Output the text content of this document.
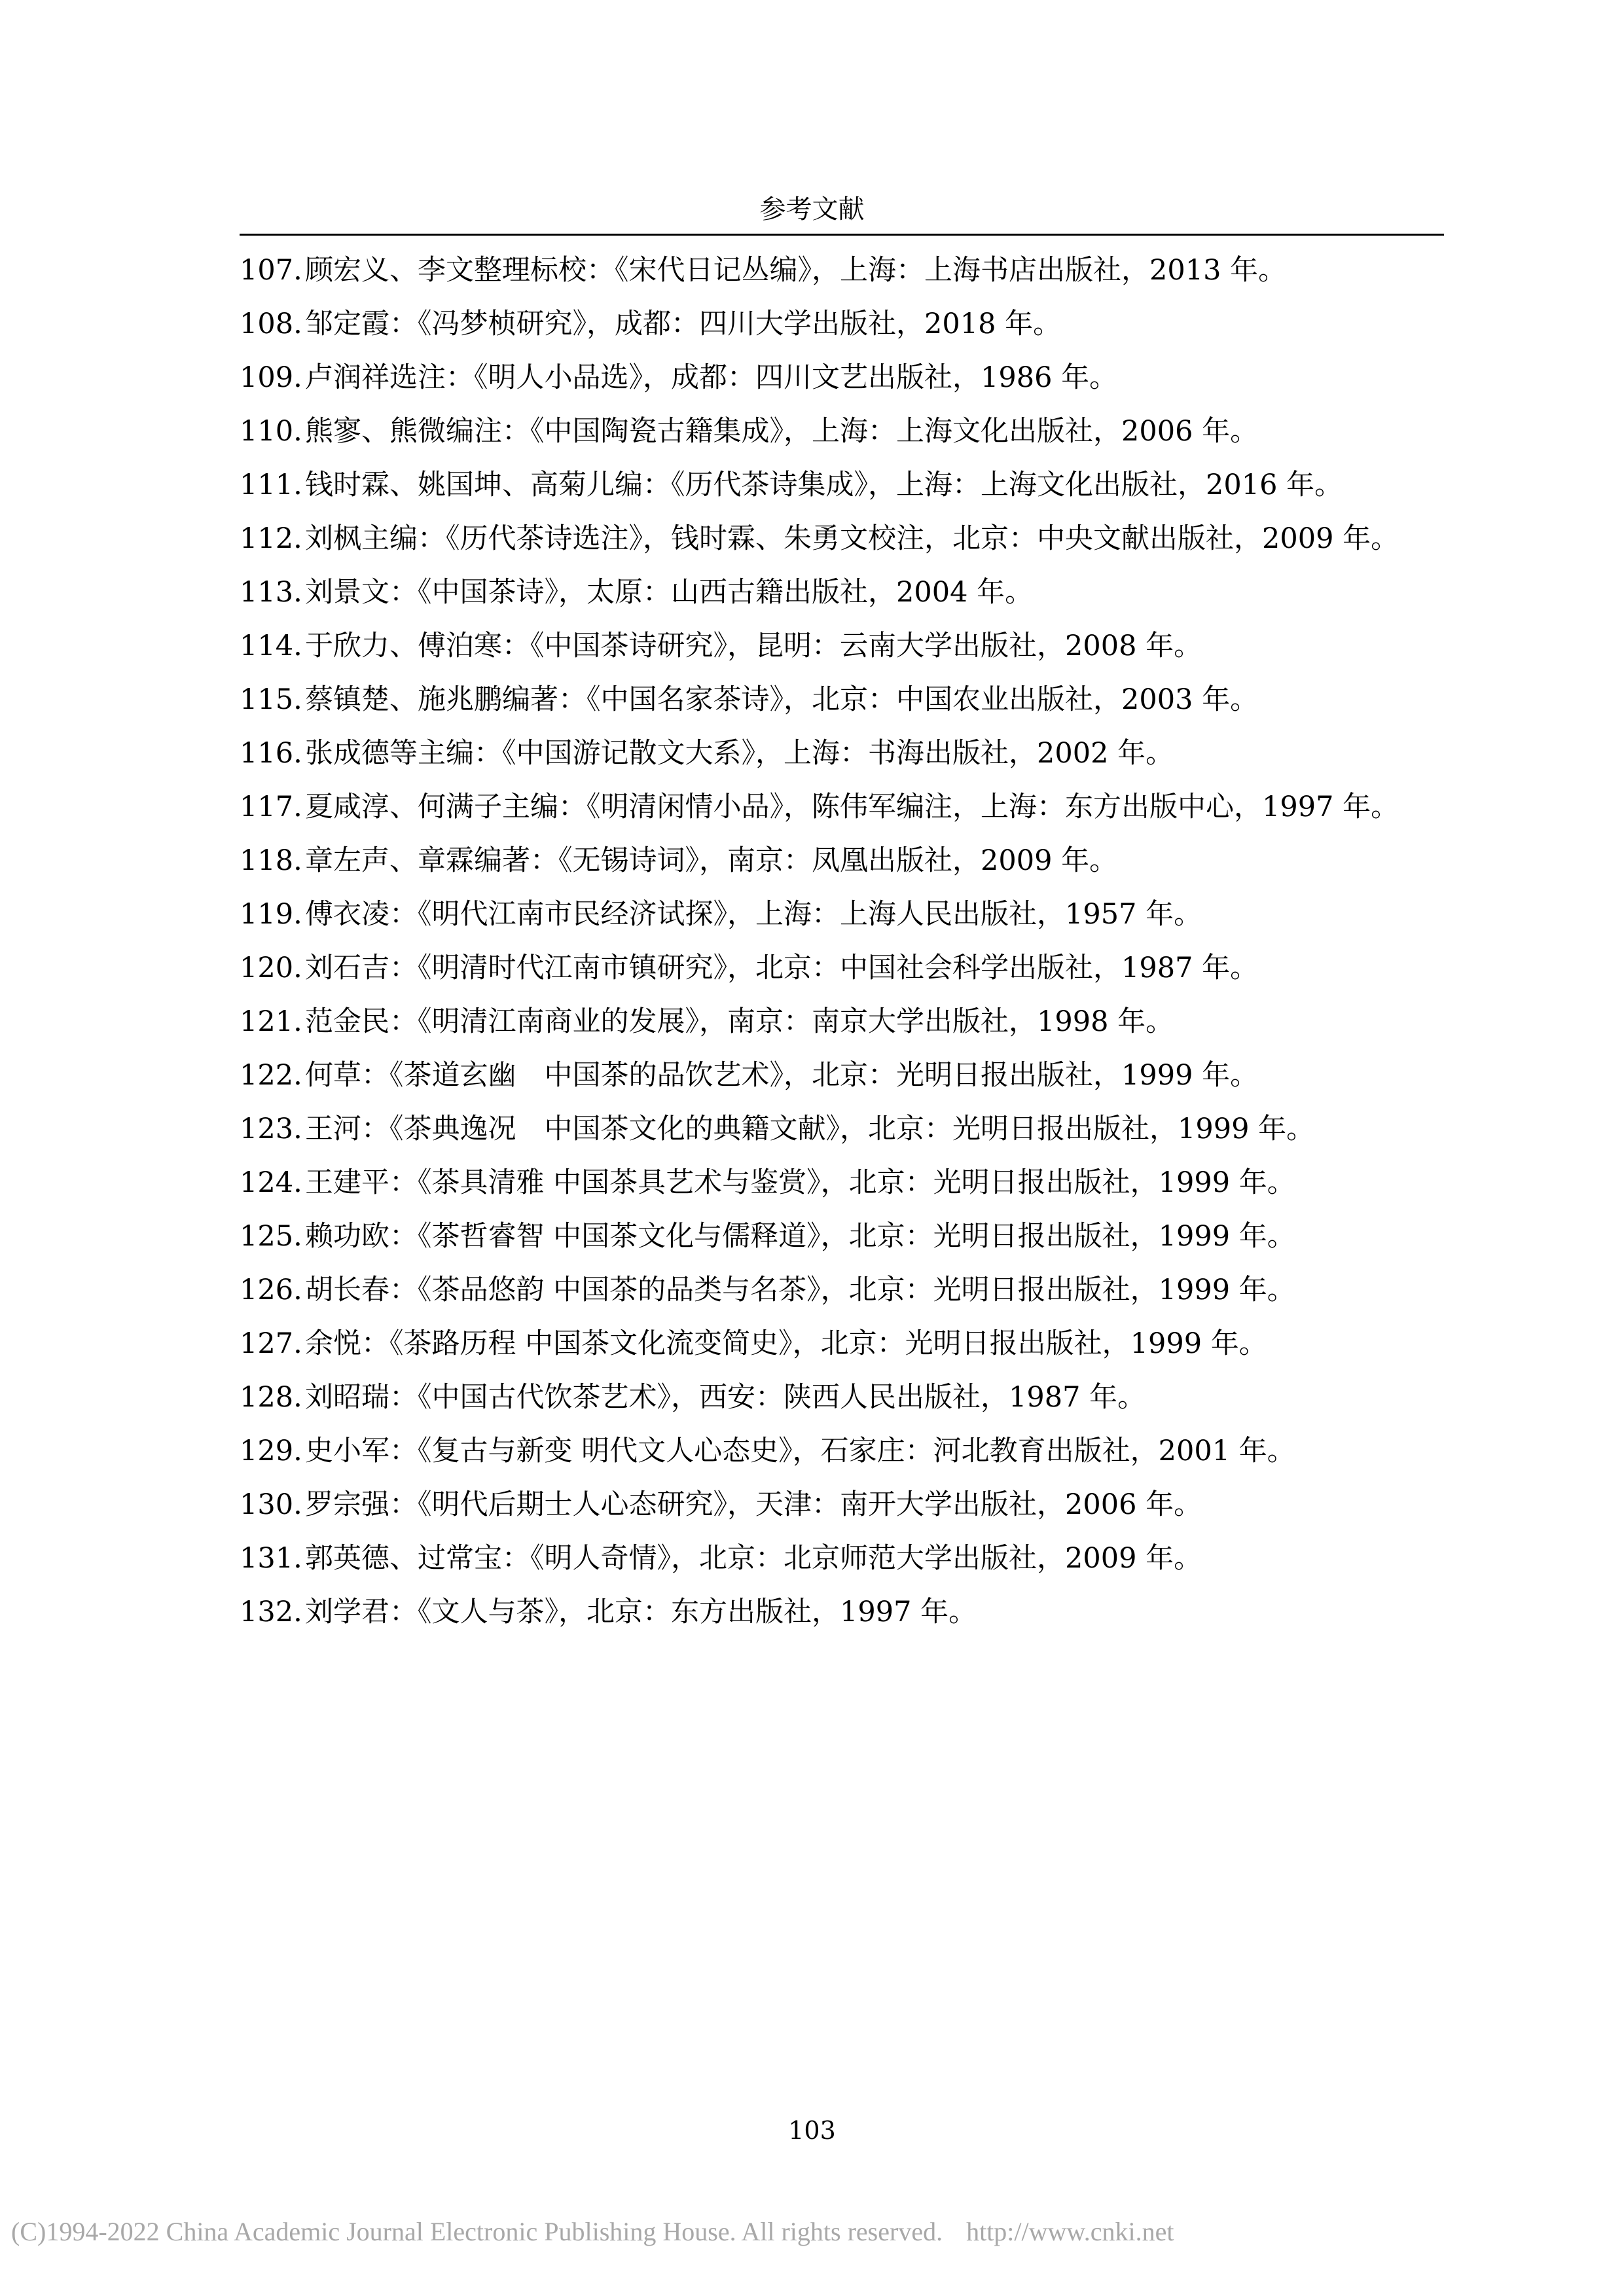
参考文献

107. 顾宏义、李文整理标校：《宋代日记丛编》，上海：上海书店出版社，2013 年。

108. 邹定霞：《冯梦桢研究》，成都：四川大学出版社，2018 年。

109. 卢润祥选注：《明人小品选》，成都：四川文艺出版社，1986 年。

110. 熊寥、熊微编注：《中国陶瓷古籍集成》，上海：上海文化出版社，2006 年。

111. 钱时霖、姚国坤、高菊儿编：《历代茶诗集成》，上海：上海文化出版社，2016 年。

112. 刘枫主编：《历代茶诗选注》，钱时霖、朱勇文校注，北京：中央文献出版社，2009 年。

113. 刘景文：《中国茶诗》，太原：山西古籍出版社，2004 年。

114. 于欣力、傅泊寒：《中国茶诗研究》，昆明：云南大学出版社，2008 年。

115. 蔡镇楚、施兆鹏编著：《中国名家茶诗》，北京：中国农业出版社，2003 年。

116. 张成德等主编：《中国游记散文大系》，上海：书海出版社，2002 年。

117. 夏咸淳、何满子主编：《明清闲情小品》，陈伟军编注，上海：东方出版中心，1997 年。

118. 章左声、章霖编著：《无锡诗词》，南京：凤凰出版社，2009 年。

119. 傅衣凌：《明代江南市民经济试探》，上海：上海人民出版社，1957 年。

120. 刘石吉：《明清时代江南市镇研究》，北京：中国社会科学出版社，1987 年。

121. 范金民：《明清江南商业的发展》，南京：南京大学出版社，1998 年。

122. 何草：《茶道玄幽　中国茶的品饮艺术》，北京：光明日报出版社，1999 年。

123. 王河：《茶典逸况　中国茶文化的典籍文献》，北京：光明日报出版社，1999 年。

124. 王建平：《茶具清雅 中国茶具艺术与鉴赏》，北京：光明日报出版社，1999 年。

125. 赖功欧：《茶哲睿智 中国茶文化与儒释道》，北京：光明日报出版社，1999 年。

126. 胡长春：《茶品悠韵 中国茶的品类与名茶》，北京：光明日报出版社，1999 年。

127. 余悦：《茶路历程 中国茶文化流变简史》，北京：光明日报出版社，1999 年。

128. 刘昭瑞：《中国古代饮茶艺术》，西安：陕西人民出版社，1987 年。

129. 史小军：《复古与新变 明代文人心态史》，石家庄：河北教育出版社，2001 年。

130. 罗宗强：《明代后期士人心态研究》，天津：南开大学出版社，2006 年。

131. 郭英德、过常宝：《明人奇情》，北京：北京师范大学出版社，2009 年。

132. 刘学君：《文人与茶》，北京：东方出版社，1997 年。

103
(C)1994-2022 China Academic Journal Electronic Publishing House. All rights reserved. http://www.cnki.net
